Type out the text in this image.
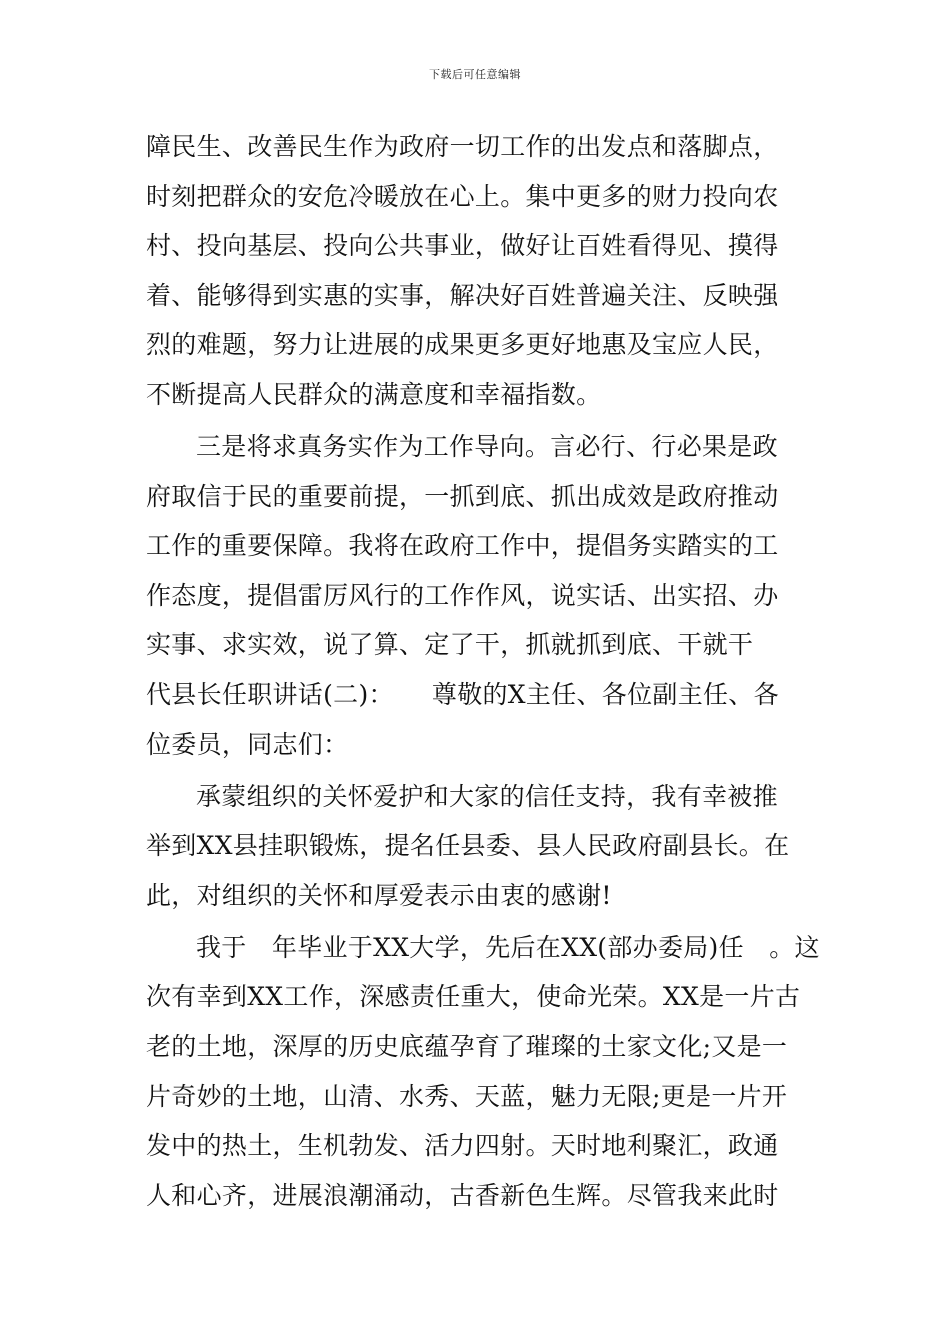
下载后可任意编辑
障民生、改善民生作为政府一切工作的出发点和落脚点，
时刻把群众的安危冷暖放在心上。集中更多的财力投向农
村、投向基层、投向公共事业，做好让百姓看得见、摸得
着、能够得到实惠的实事，解决好百姓普遍关注、反映强
烈的难题，努力让进展的成果更多更好地惠及宝应人民，
不断提高人民群众的满意度和幸福指数。
三是将求真务实作为工作导向。言必行、行必果是政
府取信于民的重要前提，一抓到底、抓出成效是政府推动
工作的重要保障。我将在政府工作中，提倡务实踏实的工
作态度，提倡雷厉风行的工作作风，说实话、出实招、办
实事、求实效，说了算、定了干，抓就抓到底、干就干
代县长任职讲话(二)：　　尊敬的X主任、各位副主任、各
位委员，同志们：
承蒙组织的关怀爱护和大家的信任支持，我有幸被推
举到XX县挂职锻炼，提名任县委、县人民政府副县长。在
此，对组织的关怀和厚爱表示由衷的感谢!
我于　年毕业于XX大学，先后在XX(部办委局)任　。这
次有幸到XX工作，深感责任重大，使命光荣。XX是一片古
老的土地，深厚的历史底蕴孕育了璀璨的土家文化;又是一
片奇妙的土地，山清、水秀、天蓝，魅力无限;更是一片开
发中的热土，生机勃发、活力四射。天时地利聚汇，政通
人和心齐，进展浪潮涌动，古香新色生辉。尽管我来此时
